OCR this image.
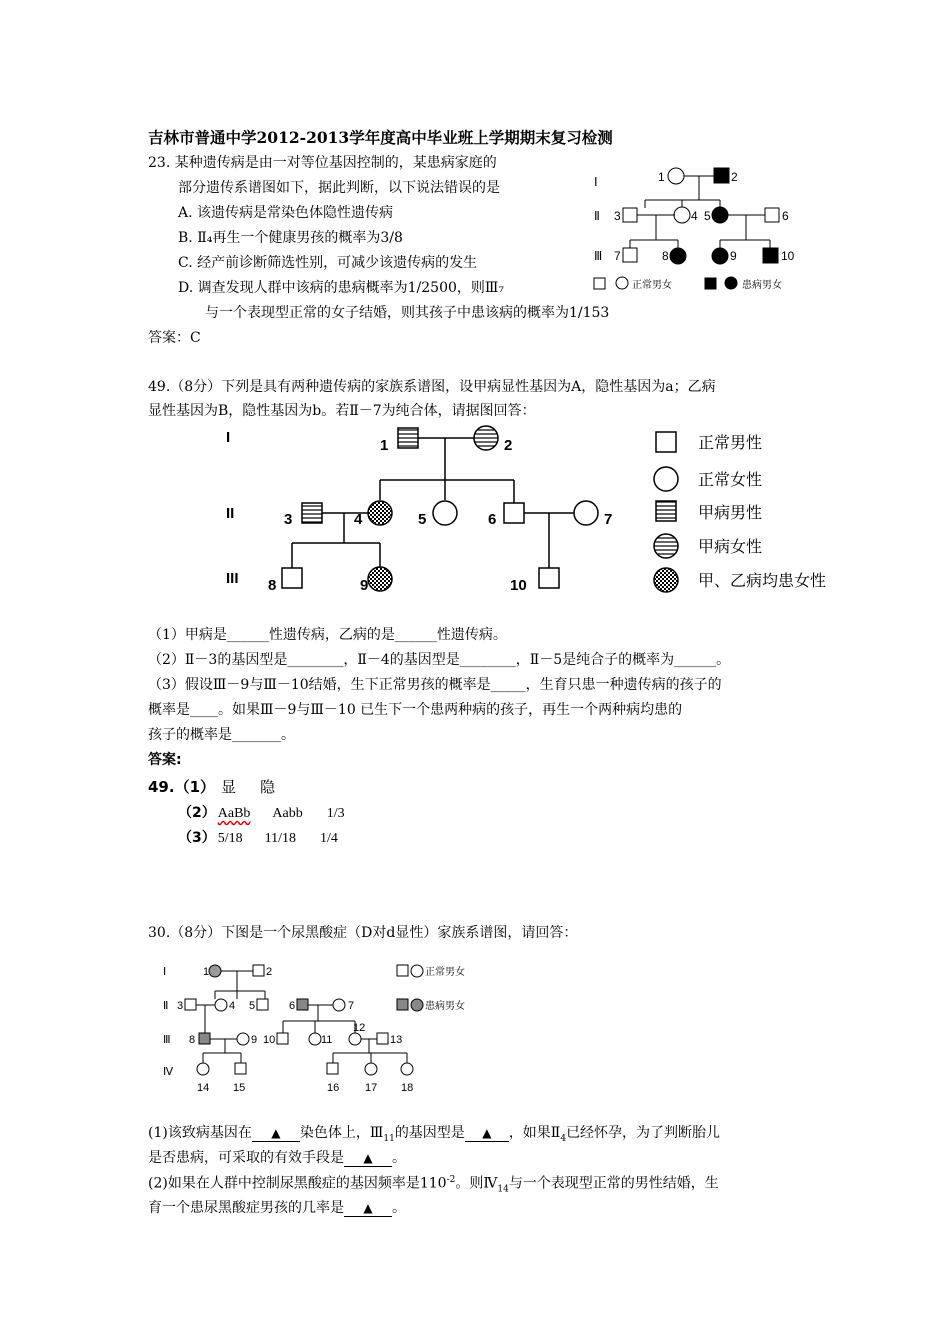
吉林市普通中学2012-2013学年度高中毕业班上学期期末复习检测
23. 某种遗传病是由一对等位基因控制的，某患病家庭的
部分遗传系谱图如下，据此判断，以下说法错误的是
A. 该遗传病是常染色体隐性遗传病
B. Ⅱ₄再生一个健康男孩的概率为3/8
C. 经产前诊断筛选性别，可减少该遗传病的发生
D. 调查发现人群中该病的患病概率为1/2500，则Ⅲ₇
与一个表现型正常的女子结婚，则其孩子中患该病的概率为1/153
答案：C
Ⅰ
Ⅱ
Ⅲ
1	2
3	4 5	6
7	8	9	10
正常男女	患病男女
49.（8分）下列是具有两种遗传病的家族系谱图，设甲病显性基因为A，隐性基因为a；乙病
显性基因为B，隐性基因为b。若Ⅱ－7为纯合体，请据图回答：
I
II
III
1	2
3	4	5	6	7
8	9	10
正常男性
正常女性
甲病男性
甲病女性
甲、乙病均患女性
（1）甲病是______性遗传病，乙病的是______性遗传病。
（2）Ⅱ－3的基因型是________，Ⅱ－4的基因型是________，Ⅱ－5是纯合子的概率为______。
（3）假设Ⅲ－9与Ⅲ－10结婚，生下正常男孩的概率是_____，生育只患一种遗传病的孩子的
概率是____。如果Ⅲ－9与Ⅲ－10 已生下一个患两种病的孩子，再生一个两种病均患的
孩子的概率是_______。
答案:
49.（1） 显 隐
（2） AaBb Aabb 1/3
（3） 5/18 11/18 1/4
30.（8分）下图是一个尿黑酸症（D对d显性）家族系谱图，请回答：
Ⅰ
Ⅱ
Ⅲ
Ⅳ
1	2
3	4 5	6	7
8	9 10	11
12
13
14 15	16 17 18
正常男女
患病男女
(1)该致病基因在 ▲ 染色体上，$Ⅲ_{11}$的基因型是 ▲ ，如果$Ⅱ_4$已经怀孕，为了判断胎儿
是否患病，可采取的有效手段是 ▲ 。
(2)如果在人群中控制尿黑酸症的基因频率是$110^{-2}$。则$Ⅳ_{14}$与一个表现型正常的男性结婚，生
育一个患尿黑酸症男孩的几率是 ▲ 。
